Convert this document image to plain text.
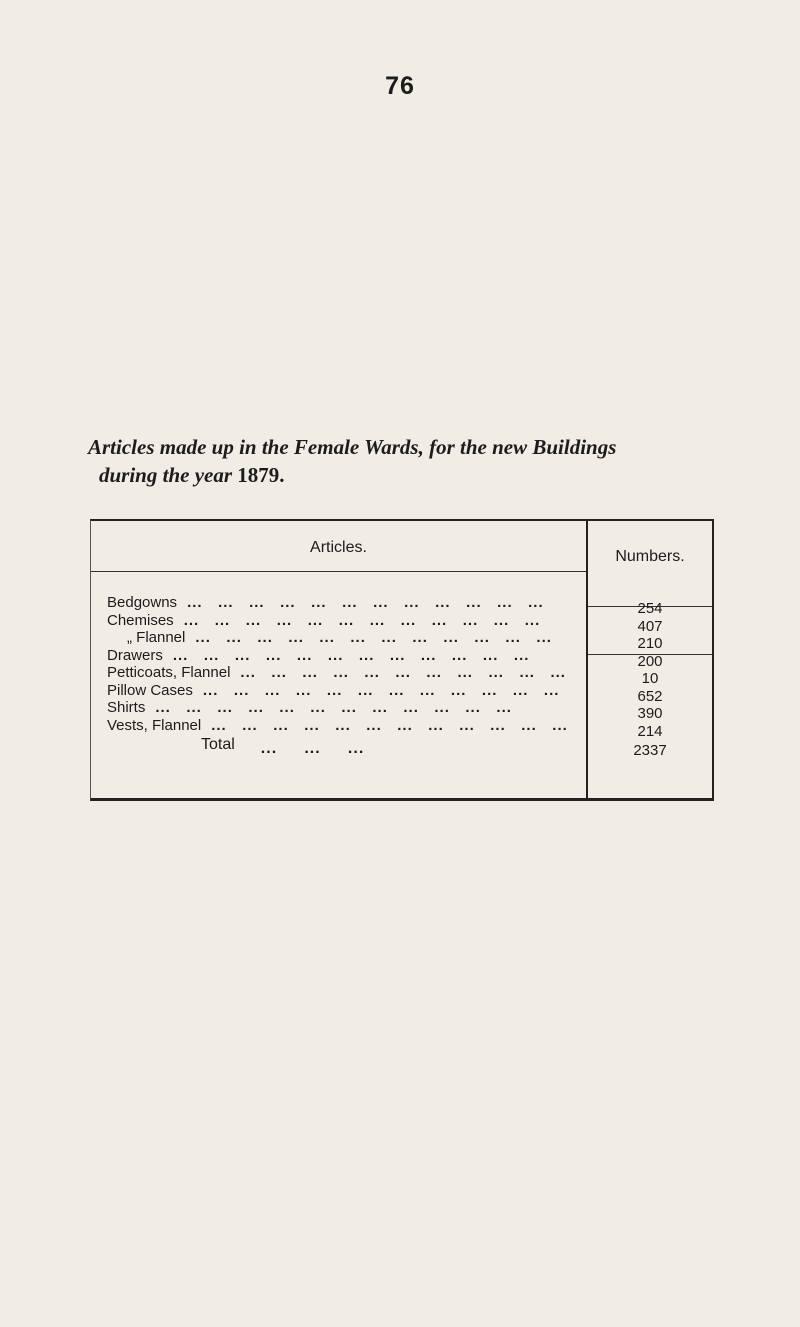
76
Articles made up in the Female Wards, for the new Buildings
during the year 1879.
Articles.
Numbers.
Bedgowns
...
Chemises
...
„ Flannel
...
Drawers
...
Petticoats, Flannel
...
Pillow Cases
...
Shirts
...
Vests, Flannel
...
254
407
210
200
10
652
390
214
Total
...	2337
